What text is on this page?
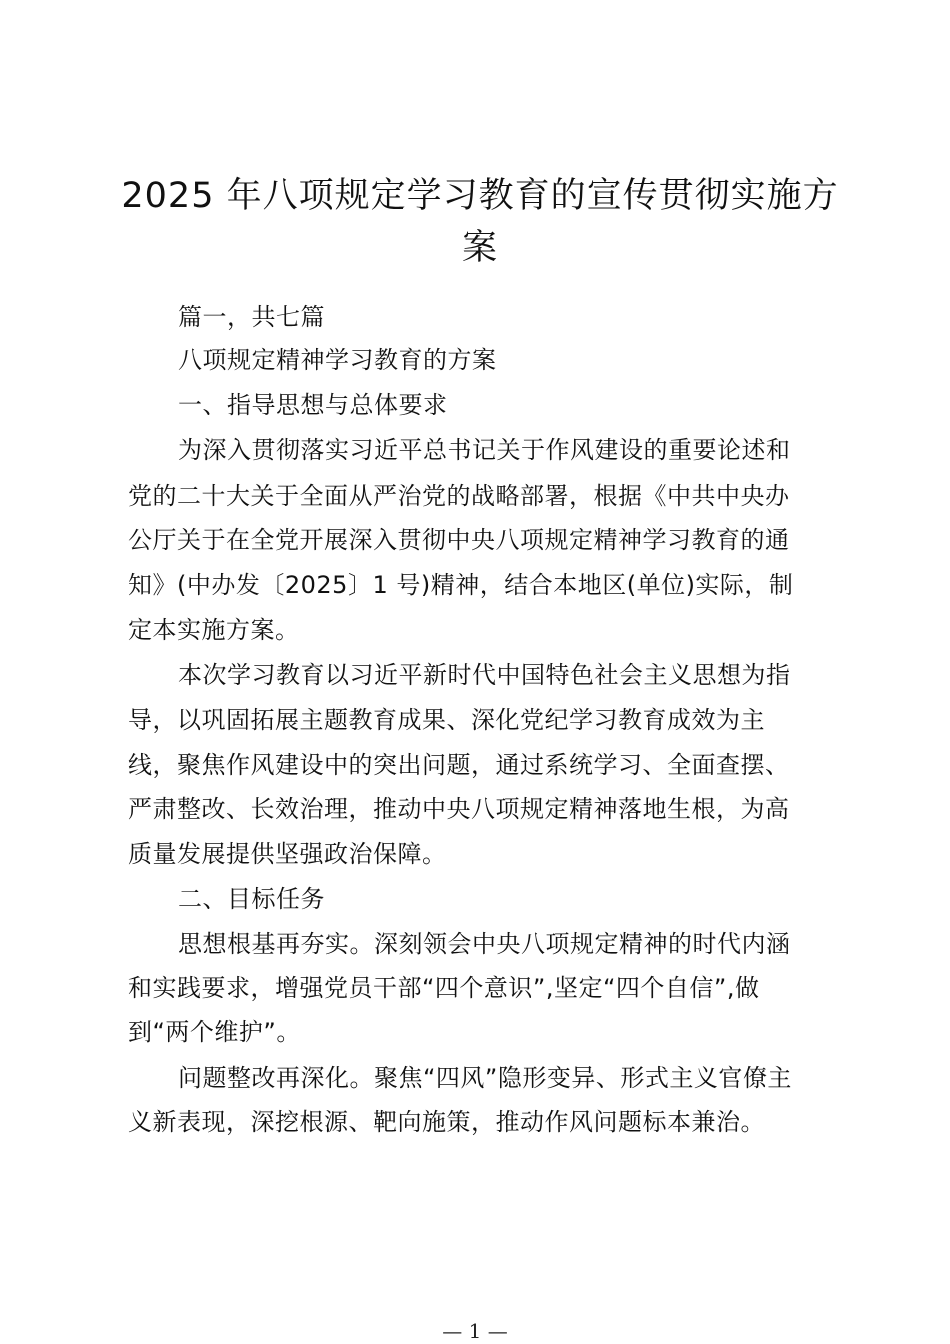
2025 年八项规定学习教育的宣传贯彻实施方
案
篇一，共七篇
八项规定精神学习教育的方案
一、指导思想与总体要求
为深入贯彻落实习近平总书记关于作风建设的重要论述和
党的二十大关于全面从严治党的战略部署，根据《中共中央办
公厅关于在全党开展深入贯彻中央八项规定精神学习教育的通
知》(中办发〔2025〕1 号)精神，结合本地区(单位)实际，制
定本实施方案。
本次学习教育以习近平新时代中国特色社会主义思想为指
导，以巩固拓展主题教育成果、深化党纪学习教育成效为主
线，聚焦作风建设中的突出问题，通过系统学习、全面查摆、
严肃整改、长效治理，推动中央八项规定精神落地生根，为高
质量发展提供坚强政治保障。
二、目标任务
思想根基再夯实。深刻领会中央八项规定精神的时代内涵
和实践要求，增强党员干部“四个意识”,坚定“四个自信”,做
到“两个维护”。
问题整改再深化。聚焦“四风”隐形变异、形式主义官僚主
义新表现，深挖根源、靶向施策，推动作风问题标本兼治。
— 1 —
